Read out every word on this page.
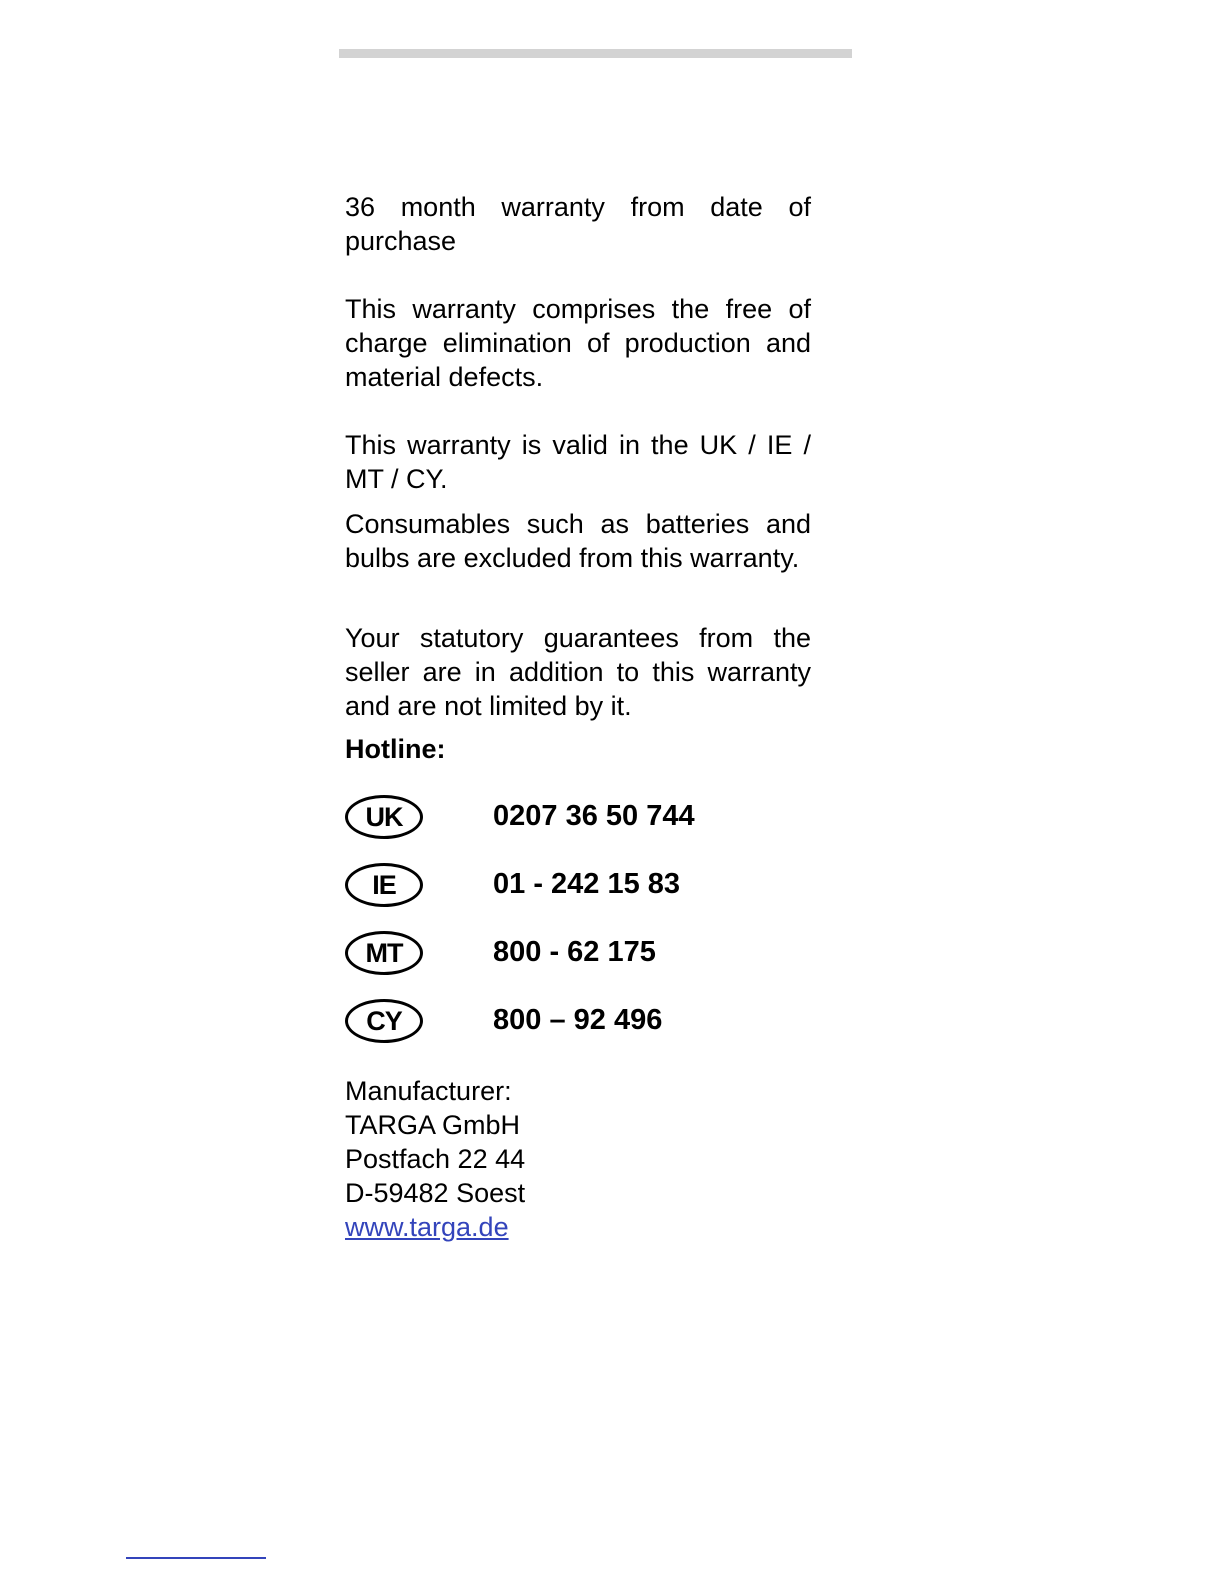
36 month warranty from date of purchase

This warranty comprises the free of charge elimination of production and material defects.

This warranty is valid in the UK / IE / MT / CY.

Consumables such as batteries and bulbs are excluded from this warranty.

Your statutory guarantees from the seller are in addition to this warranty and are not limited by it.

Hotline:
UK	0207 36 50 744
IE	01 - 242 15 83
MT	800 - 62 175
CY	800 – 92 496
Manufacturer:
TARGA GmbH
Postfach 22 44
D-59482 Soest
www.targa.de
